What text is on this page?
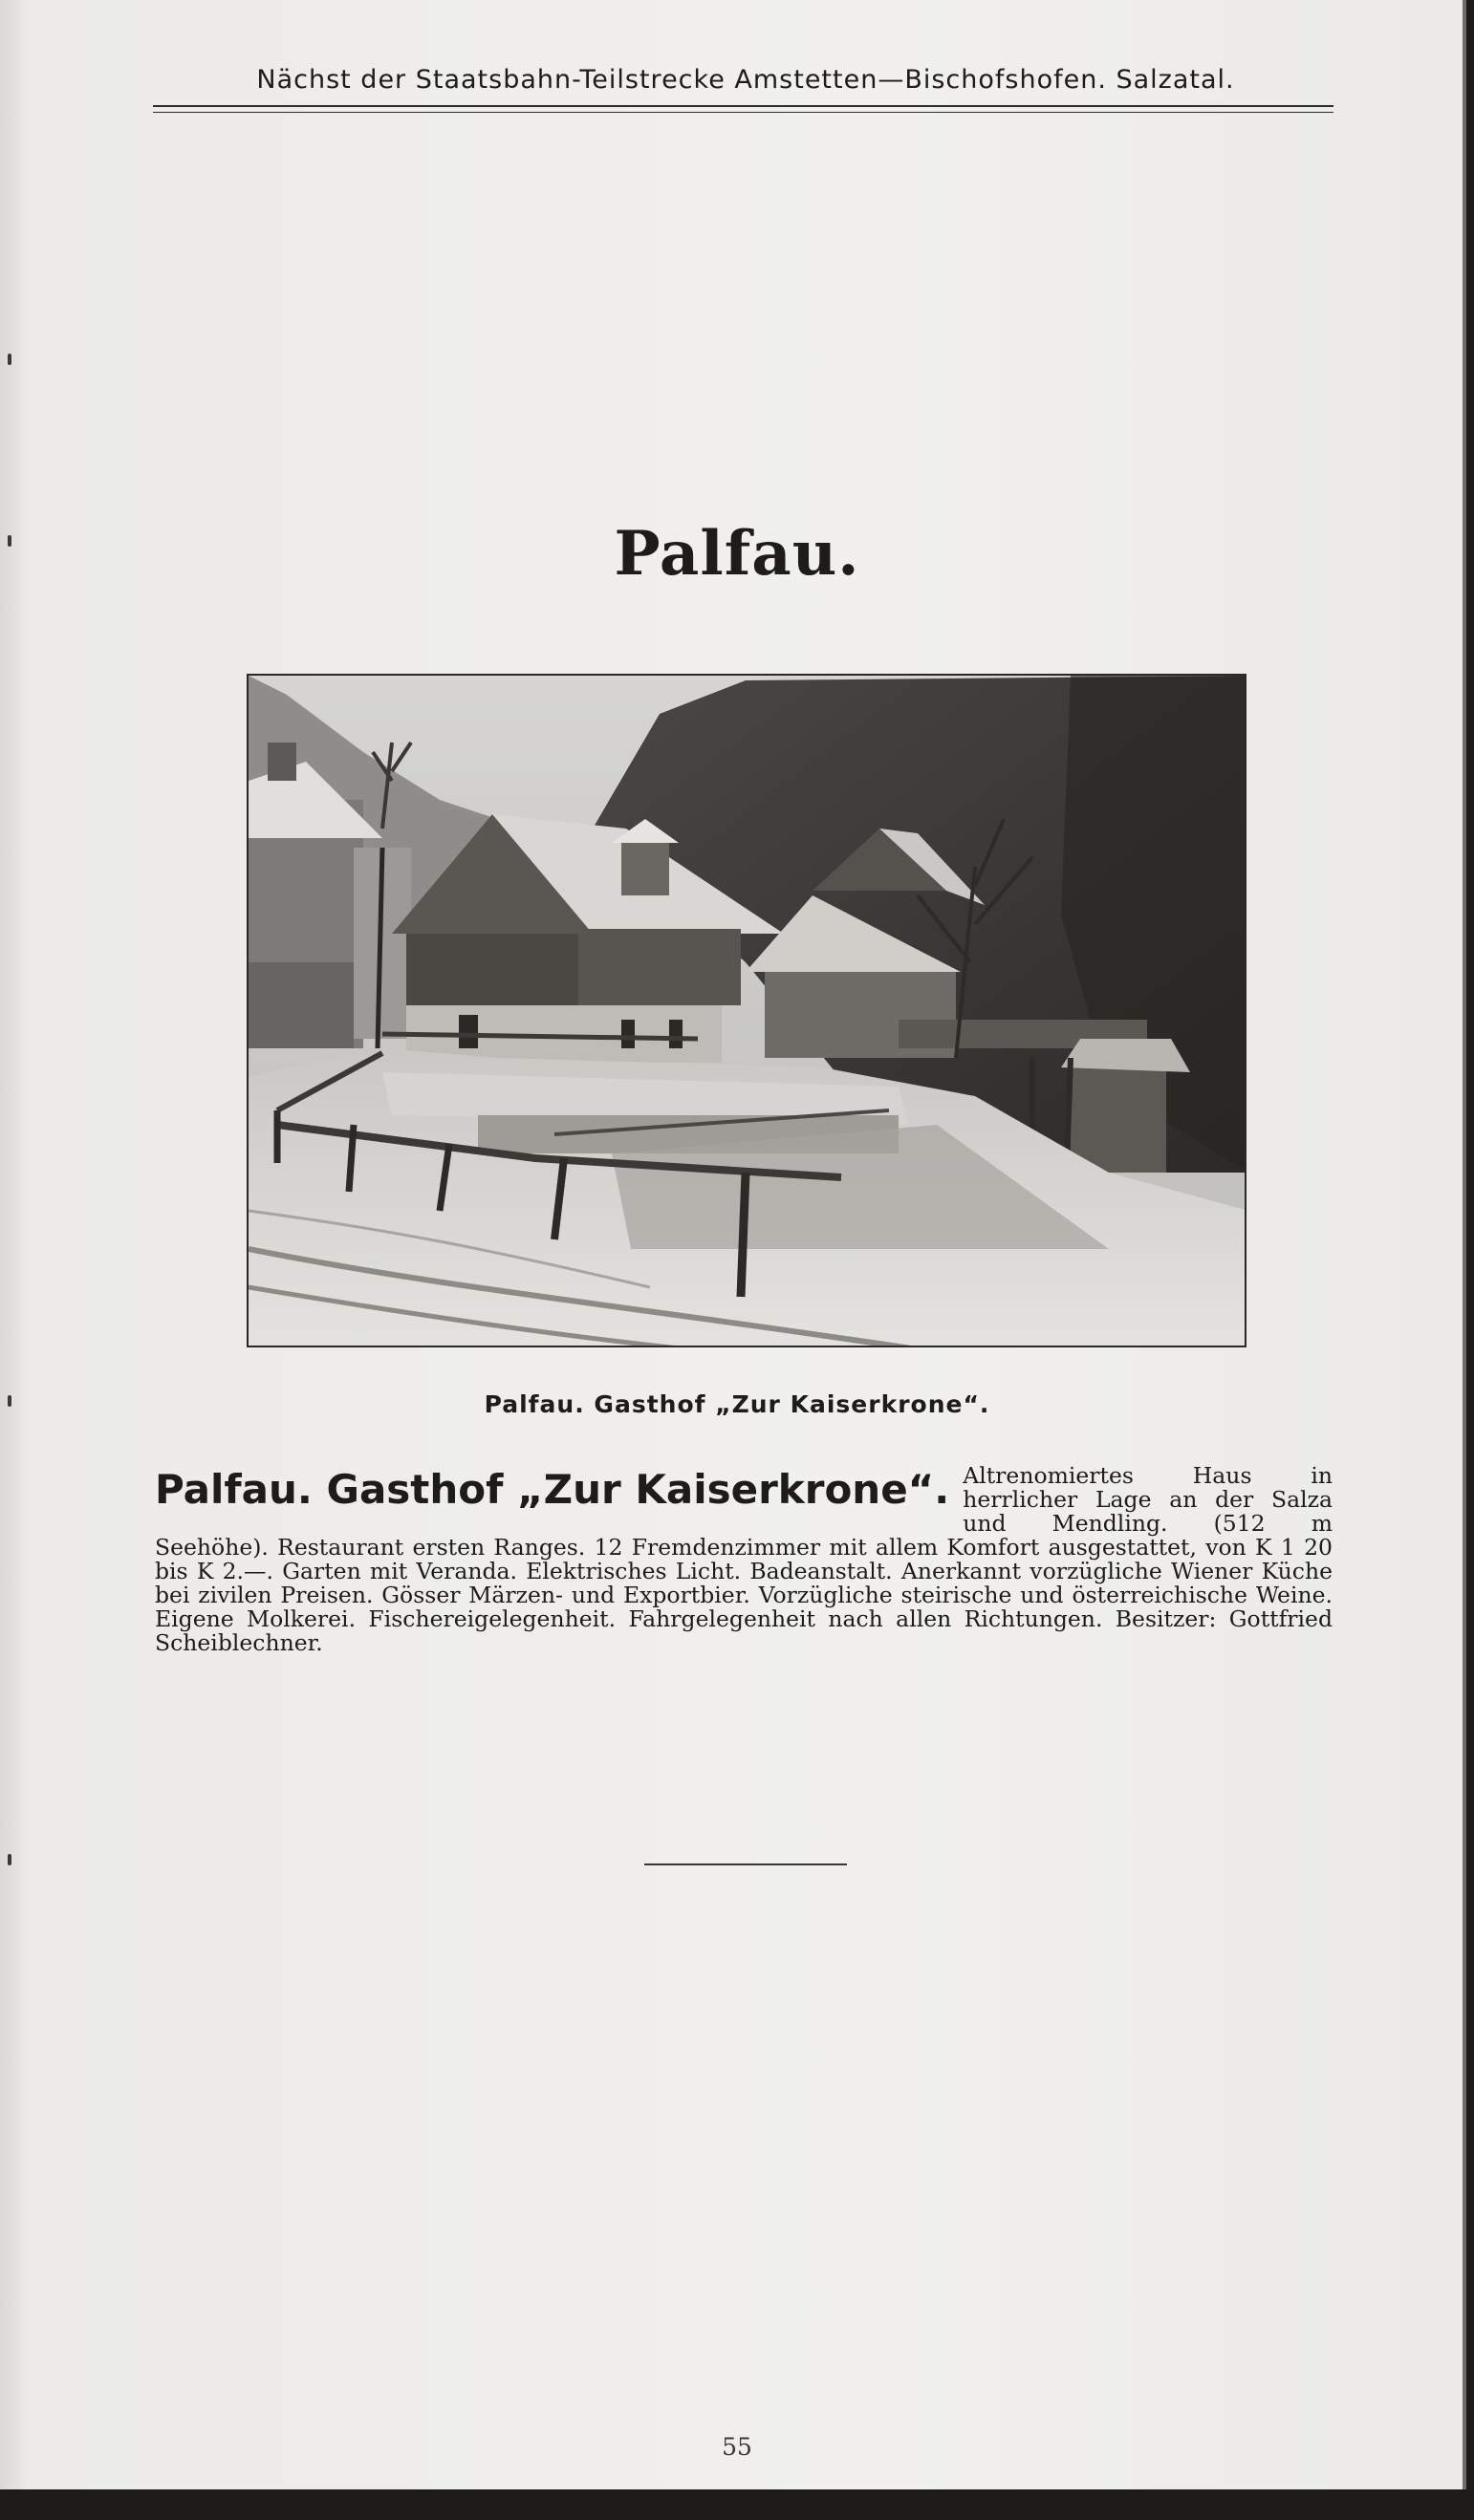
Nächst der Staatsbahn-Teilstrecke Amstetten—Bischofshofen. Salzatal.
Palfau.
Palfau. Gasthof „Zur Kaiserkrone“.
Palfau. Gasthof „Zur Kaiserkrone“. Altrenomiertes Haus in herrlicher Lage an der Salza und Mendling. (512 m Seehöhe). Restaurant ersten Ranges. 12 Fremdenzimmer mit allem Komfort ausgestattet, von K 1 20 bis K 2.—. Garten mit Veranda. Elektrisches Licht. Badeanstalt. Anerkannt vorzügliche Wiener Küche bei zivilen Preisen. Gösser Märzen- und Exportbier. Vorzügliche steirische und österreichische Weine. Eigene Molkerei. Fischereigelegenheit. Fahrgelegenheit nach allen Richtungen. Besitzer: Gottfried Scheiblechner.
55
